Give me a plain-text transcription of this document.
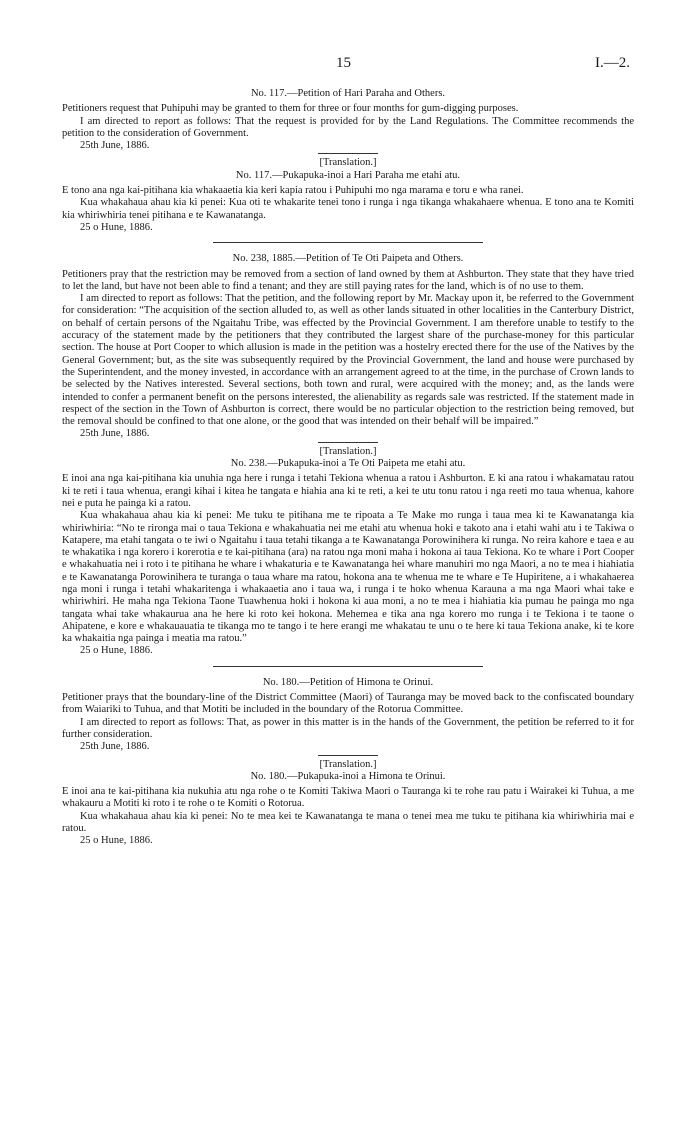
15	I.—2.

No. 117.—Petition of Hari Paraha and Others.

Petitioners request that Puhipuhi may be granted to them for three or four months for gum-digging purposes.

I am directed to report as follows: That the request is provided for by the Land Regulations. The Committee recommends the petition to the consideration of Government.

25th June, 1886.

[Translation.]

No. 117.—Pukapuka-inoi a Hari Paraha me etahi atu.

E tono ana nga kai-pitihana kia whakaaetia kia keri kapia ratou i Puhipuhi mo nga marama e toru e wha ranei.

Kua whakahaua ahau kia ki penei: Kua oti te whakarite tenei tono i runga i nga tikanga whakahaere whenua. E tono ana te Komiti kia whiriwhiria tenei pitihana e te Kawanatanga.

25 o Hune, 1886.

No. 238, 1885.—Petition of Te Oti Paipeta and Others.

Petitioners pray that the restriction may be removed from a section of land owned by them at Ashburton. They state that they have tried to let the land, but have not been able to find a tenant; and they are still paying rates for the land, which is of no use to them.

I am directed to report as follows: That the petition, and the following report by Mr. Mackay upon it, be referred to the Government for consideration: “The acquisition of the section alluded to, as well as other lands situated in other localities in the Canterbury District, on behalf of certain persons of the Ngaitahu Tribe, was effected by the Provincial Government. I am therefore unable to testify to the accuracy of the statement made by the petitioners that they contributed the largest share of the purchase-money for this particular section. The house at Port Cooper to which allusion is made in the petition was a hostelry erected there for the use of the Natives by the General Government; but, as the site was subsequently required by the Provincial Government, the land and house were purchased by the Superintendent, and the money invested, in accordance with an arrangement agreed to at the time, in the purchase of Crown lands to be selected by the Natives interested. Several sections, both town and rural, were acquired with the money; and, as the lands were intended to confer a permanent benefit on the persons interested, the alienability as regards sale was restricted. If the statement made in respect of the section in the Town of Ashburton is correct, there would be no particular objection to the restriction being removed, but the removal should be confined to that one alone, or the good that was intended on their behalf will be impaired.”

25th June, 1886.

[Translation.]

No. 238.—Pukapuka-inoi a Te Oti Paipeta me etahi atu.

E inoi ana nga kai-pitihana kia unuhia nga here i runga i tetahi Tekiona whenua a ratou i Ashburton. E ki ana ratou i whakamatau ratou ki te reti i taua whenua, erangi kihai i kitea he tangata e hiahia ana ki te reti, a kei te utu tonu ratou i nga reeti mo taua whenua, kahore nei e puta he painga ki a ratou.

Kua whakahaua ahau kia ki penei: Me tuku te pitihana me te ripoata a Te Make mo runga i taua mea ki te Kawanatanga kia whiriwhiria: “No te rironga mai o taua Tekiona e whakahuatia nei me etahi atu whenua hoki e takoto ana i etahi wahi atu i te Takiwa o Katapere, ma etahi tangata o te iwi o Ngaitahu i taua tetahi tikanga a te Kawanatanga Porowinihera ki runga. No reira kahore e taea e au te whakatika i nga korero i korerotia e te kai-pitihana (ara) na ratou nga moni maha i hokona ai taua Tekiona. Ko te whare i Port Cooper e whakahuatia nei i roto i te pitihana he whare i whakaturia e te Kawanatanga hei whare manuhiri mo nga Maori, a no te mea i hiahiatia e te Kawanatanga Porowinihera te turanga o taua whare ma ratou, hokona ana te whenua me te whare e Te Hupiritene, a i whakahaerea nga moni i runga i tetahi whakaritenga i whakaaetia ano i taua wa, i runga i te hoko whenua Karauna a ma nga Maori whai take e whiriwhiri. He maha nga Tekiona Taone Tuawhenua hoki i hokona ki aua moni, a no te mea i hiahiatia kia pumau he painga mo nga tangata whai take whakaurua ana he here ki roto kei hokona. Mehemea e tika ana nga korero mo runga i te Tekiona i te taone o Ahipatene, e kore e whakauauatia te tikanga mo te tango i te here erangi me whakatau te unu o te here ki taua Tekiona anake, ki te kore ka whakaitia nga painga i meatia ma ratou.”

25 o Hune, 1886.

No. 180.—Petition of Himona te Orinui.

Petitioner prays that the boundary-line of the District Committee (Maori) of Tauranga may be moved back to the confiscated boundary from Waiariki to Tuhua, and that Motiti be included in the boundary of the Rotorua Committee.

I am directed to report as follows: That, as power in this matter is in the hands of the Government, the petition be referred to it for further consideration.

25th June, 1886.

[Translation.]

No. 180.—Pukapuka-inoi a Himona te Orinui.

E inoi ana te kai-pitihana kia nukuhia atu nga rohe o te Komiti Takiwa Maori o Tauranga ki te rohe rau patu i Wairakei ki Tuhua, a me whakauru a Motiti ki roto i te rohe o te Komiti o Rotorua.

Kua whakahaua ahau kia ki penei: No te mea kei te Kawanatanga te mana o tenei mea me tuku te pitihana kia whiriwhiria mai e ratou.

25 o Hune, 1886.
